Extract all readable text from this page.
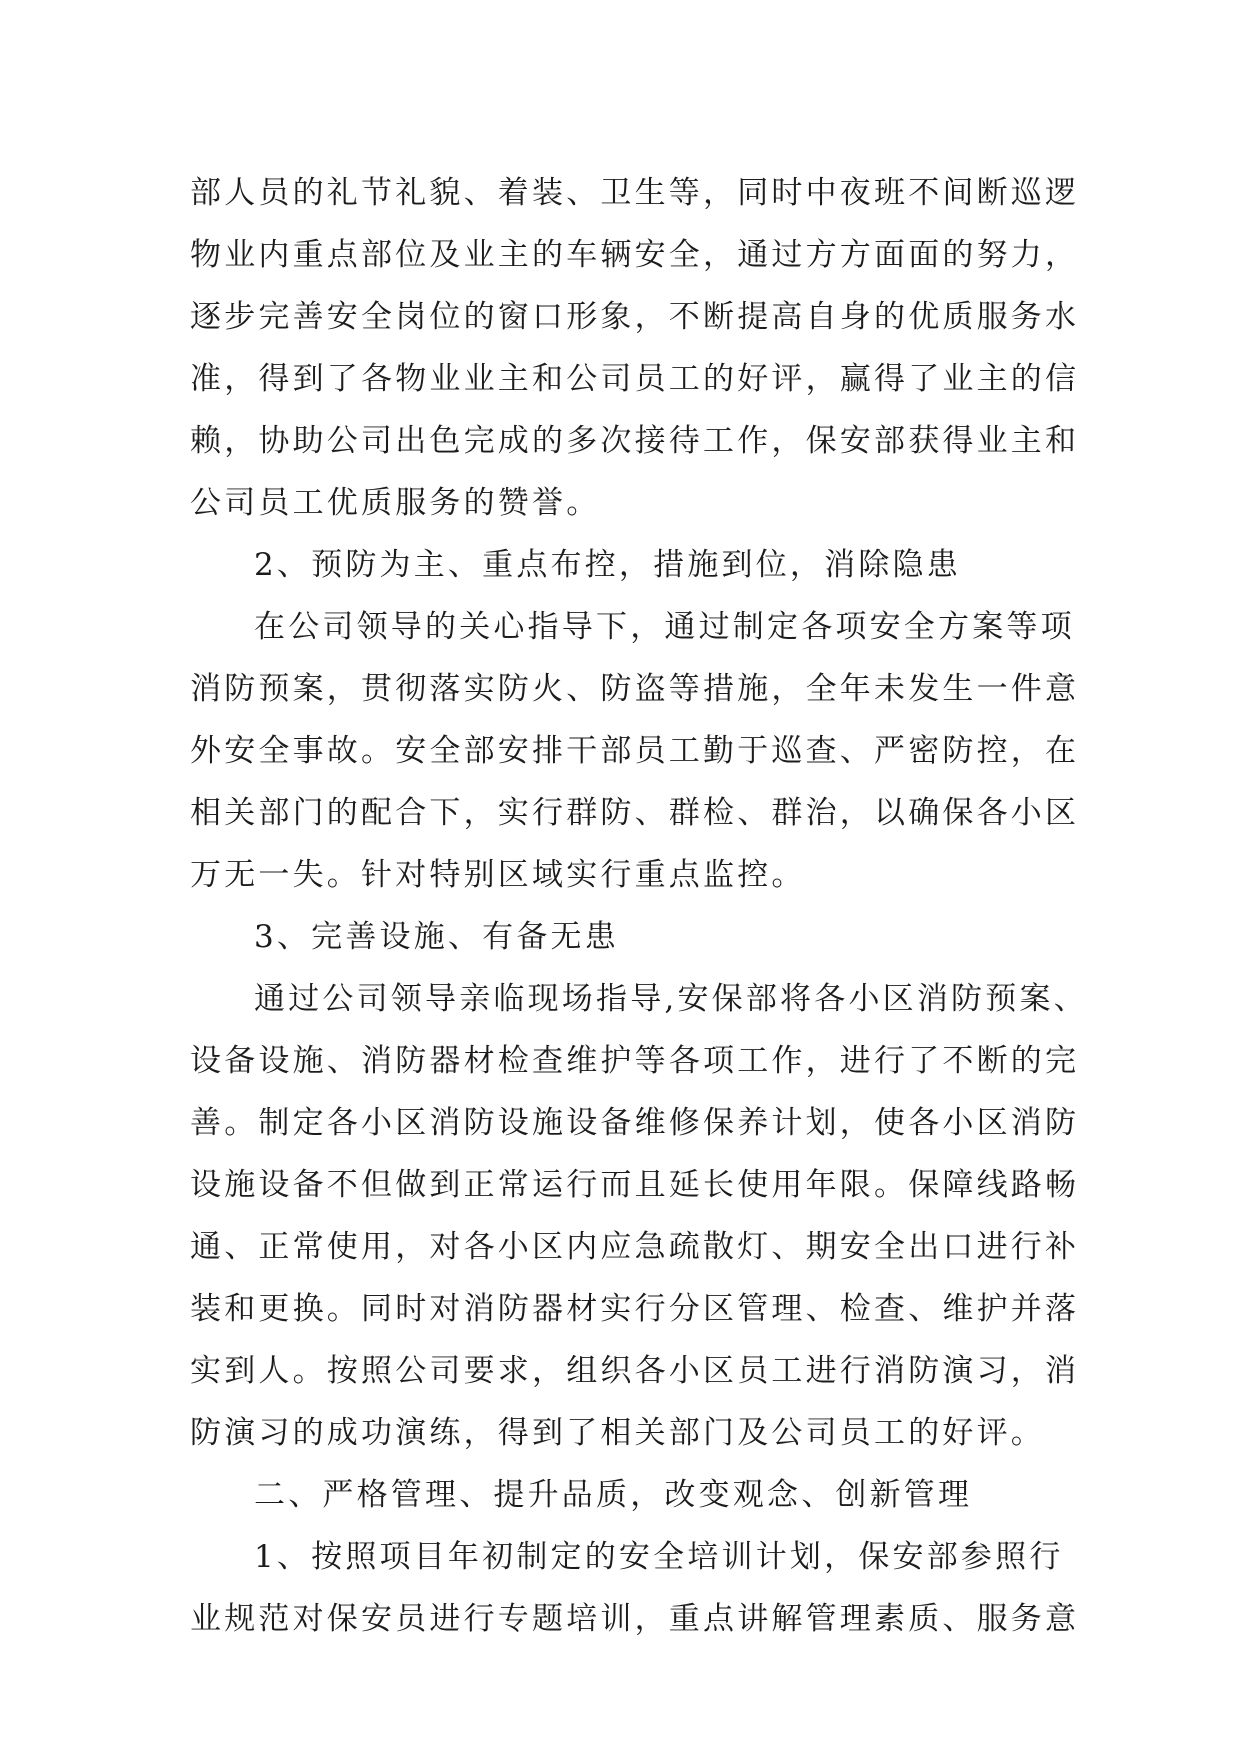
部人员的礼节礼貌、着装、卫生等，同时中夜班不间断巡逻
物业内重点部位及业主的车辆安全，通过方方面面的努力，
逐步完善安全岗位的窗口形象，不断提高自身的优质服务水
准，得到了各物业业主和公司员工的好评，赢得了业主的信
赖，协助公司出色完成的多次接待工作，保安部获得业主和
公司员工优质服务的赞誉。
2、预防为主、重点布控，措施到位，消除隐患
在公司领导的关心指导下，通过制定各项安全方案等项
消防预案，贯彻落实防火、防盗等措施，全年未发生一件意
外安全事故。安全部安排干部员工勤于巡查、严密防控，在
相关部门的配合下，实行群防、群检、群治，以确保各小区
万无一失。针对特别区域实行重点监控。
3、完善设施、有备无患
通过公司领导亲临现场指导,安保部将各小区消防预案、
设备设施、消防器材检查维护等各项工作，进行了不断的完
善。制定各小区消防设施设备维修保养计划，使各小区消防
设施设备不但做到正常运行而且延长使用年限。保障线路畅
通、正常使用，对各小区内应急疏散灯、期安全出口进行补
装和更换。同时对消防器材实行分区管理、检查、维护并落
实到人。按照公司要求，组织各小区员工进行消防演习，消
防演习的成功演练，得到了相关部门及公司员工的好评。
二、严格管理、提升品质，改变观念、创新管理
1、按照项目年初制定的安全培训计划，保安部参照行
业规范对保安员进行专题培训，重点讲解管理素质、服务意
